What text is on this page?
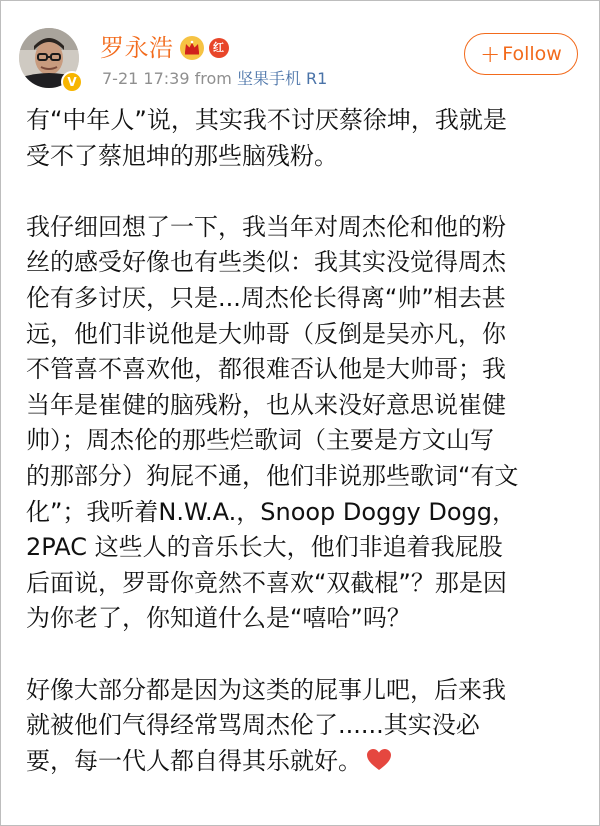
V
罗永浩	红
7-21 17:39 from 坚果手机 R1
+ Follow
有“中年人”说，其实我不讨厌蔡徐坤，我就是
受不了蔡旭坤的那些脑残粉。
我仔细回想了一下，我当年对周杰伦和他的粉
丝的感受好像也有些类似：我其实没觉得周杰
伦有多讨厌，只是...周杰伦长得离“帅”相去甚
远，他们非说他是大帅哥（反倒是吴亦凡，你
不管喜不喜欢他，都很难否认他是大帅哥；我
当年是崔健的脑残粉，也从来没好意思说崔健
帅）；周杰伦的那些烂歌词（主要是方文山写
的那部分）狗屁不通，他们非说那些歌词“有文
化”；我听着N.W.A.，Snoop Doggy Dogg，
2PAC 这些人的音乐长大，他们非追着我屁股
后面说，罗哥你竟然不喜欢“双截棍”？那是因
为你老了，你知道什么是“嘻哈”吗？
好像大部分都是因为这类的屁事儿吧，后来我
就被他们气得经常骂周杰伦了......其实没必
要，每一代人都自得其乐就好。
